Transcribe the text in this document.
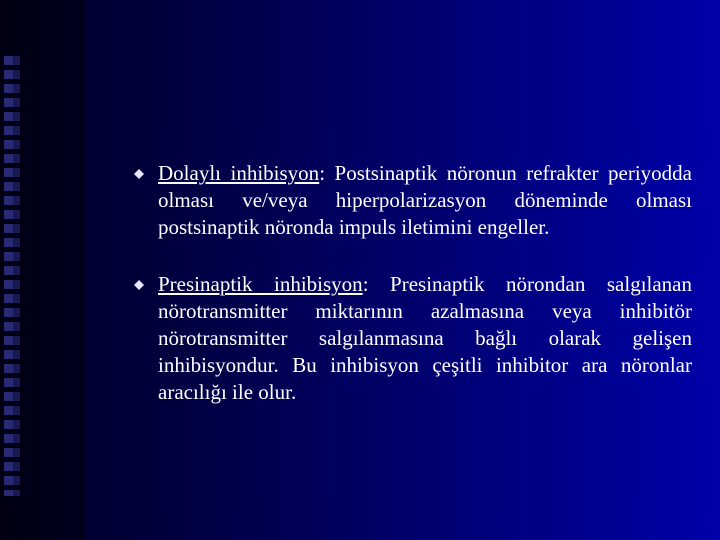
Dolaylı inhibisyon: Postsinaptik nöronun refrakter periyodda olması ve/veya hiperpolarizasyon döneminde olması postsinaptik nöronda impuls iletimini engeller.
Presinaptik inhibisyon: Presinaptik nörondan salgılanan nörotransmitter miktarının azalmasına veya inhibitör nörotransmitter salgılanmasına bağlı olarak gelişen inhibisyondur. Bu inhibisyon çeşitli inhibitor ara nöronlar aracılığı ile olur.
